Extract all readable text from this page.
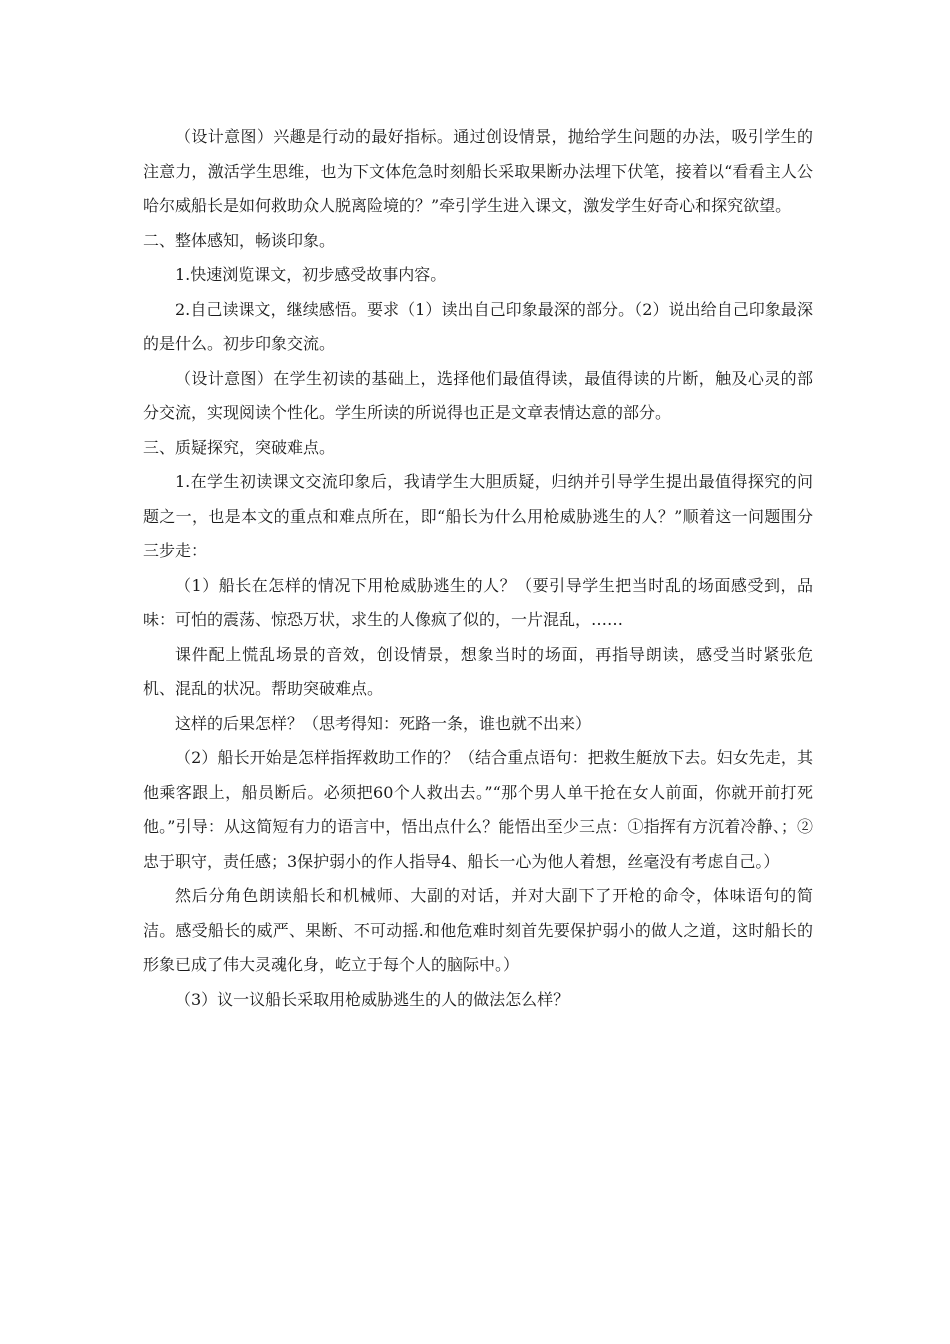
（设计意图）兴趣是行动的最好指标。通过创设情景，抛给学生问题的办法，吸引学生的注意力，激活学生思维，也为下文体危急时刻船长采取果断办法埋下伏笔，接着以“看看主人公哈尔威船长是如何救助众人脱离险境的？”牵引学生进入课文，激发学生好奇心和探究欲望。

二、整体感知，畅谈印象。

1.快速浏览课文，初步感受故事内容。

2.自己读课文，继续感悟。要求（1）读出自己印象最深的部分。（2）说出给自己印象最深的是什么。初步印象交流。

（设计意图）在学生初读的基础上，选择他们最值得读，最值得读的片断，触及心灵的部分交流，实现阅读个性化。学生所读的所说得也正是文章表情达意的部分。

三、质疑探究，突破难点。

1.在学生初读课文交流印象后，我请学生大胆质疑，归纳并引导学生提出最值得探究的问题之一，也是本文的重点和难点所在，即“船长为什么用枪威胁逃生的人？”顺着这一问题围分三步走：

（1）船长在怎样的情况下用枪威胁逃生的人？（要引导学生把当时乱的场面感受到，品味：可怕的震荡、惊恐万状，求生的人像疯了似的，一片混乱，……

课件配上慌乱场景的音效，创设情景，想象当时的场面，再指导朗读，感受当时紧张危机、混乱的状况。帮助突破难点。

这样的后果怎样？（思考得知：死路一条，谁也就不出来）

（2）船长开始是怎样指挥救助工作的？（结合重点语句：把救生艇放下去。妇女先走，其他乘客跟上，船员断后。必须把60个人救出去。”“那个男人单干抢在女人前面，你就开前打死他。”引导：从这简短有力的语言中，悟出点什么？能悟出至少三点：①指挥有方沉着冷静、；②忠于职守，责任感；3保护弱小的作人指导4、船长一心为他人着想，丝毫没有考虑自己。）

然后分角色朗读船长和机械师、大副的对话，并对大副下了开枪的命令，体味语句的简洁。感受船长的威严、果断、不可动摇.和他危难时刻首先要保护弱小的做人之道，这时船长的形象已成了伟大灵魂化身，屹立于每个人的脑际中。）

（3）议一议船长采取用枪威胁逃生的人的做法怎么样？
